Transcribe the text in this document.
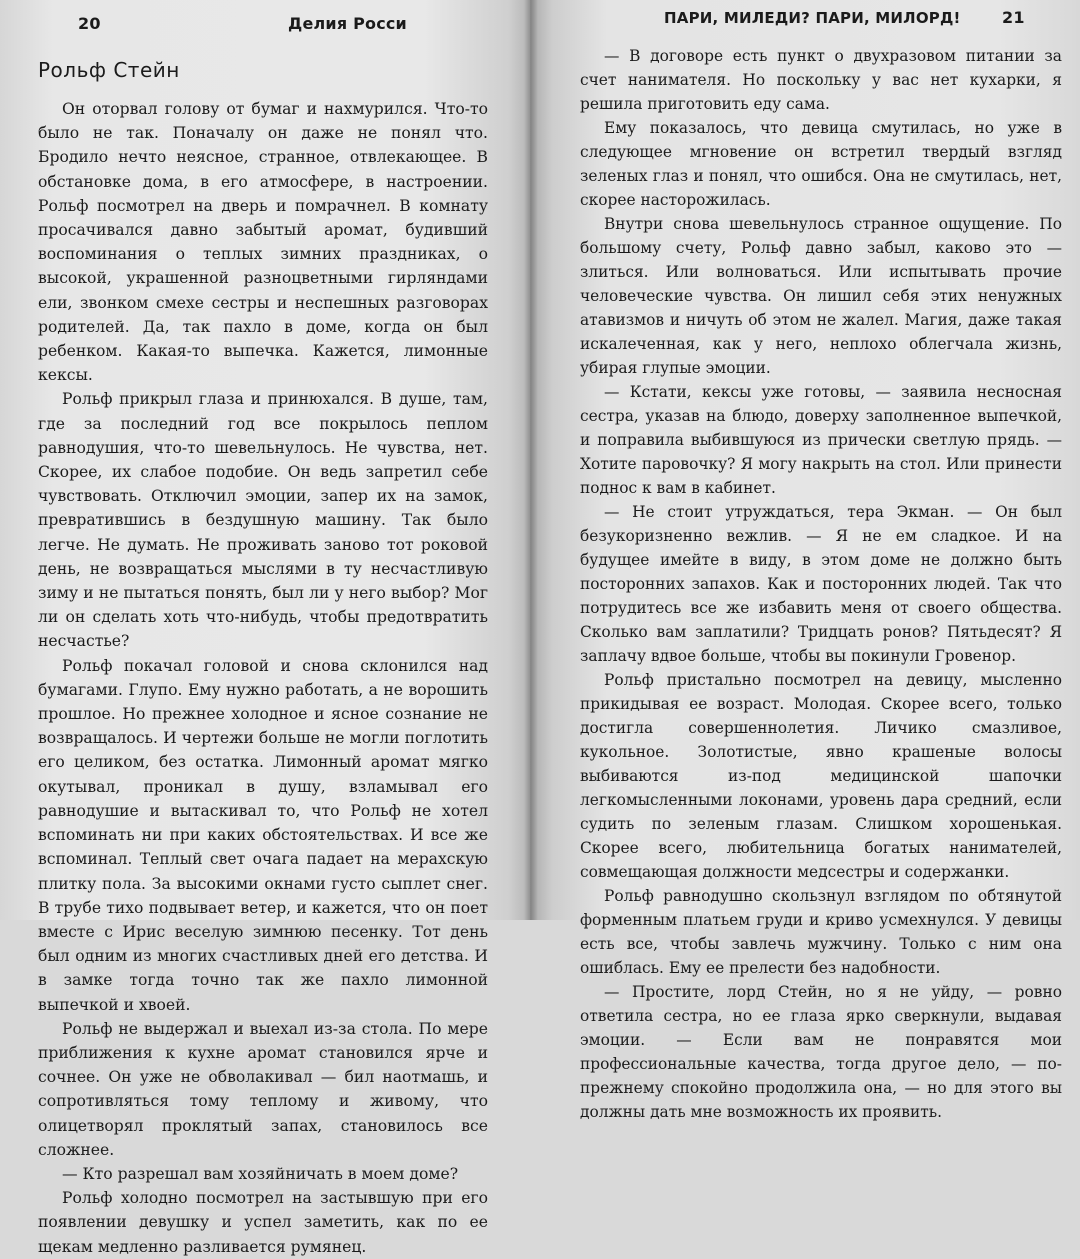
20	Делия Росси
Рольф Стейн

Он оторвал голову от бумаг и нахмурился. Что-то было не так. Поначалу он даже не понял что. Бродило нечто неясное, странное, отвлекающее. В обстановке дома, в его атмосфере, в настроении. Рольф посмотрел на дверь и помрачнел. В комнату просачивался давно забытый аромат, будивший воспоминания о теплых зимних праздниках, о высокой, украшенной разноцветными гирляндами ели, звонком смехе сестры и неспешных разговорах родителей. Да, так пахло в доме, когда он был ребенком. Какая-то выпечка. Кажется, лимонные кексы.

Рольф прикрыл глаза и принюхался. В душе, там, где за последний год все покрылось пеплом равнодушия, что-то шевельнулось. Не чувства, нет. Скорее, их слабое подобие. Он ведь запретил себе чувствовать. Отключил эмоции, запер их на замок, превратившись в бездушную машину. Так было легче. Не думать. Не проживать заново тот роковой день, не возвращаться мыслями в ту несчастливую зиму и не пытаться понять, был ли у него выбор? Мог ли он сделать хоть что-нибудь, чтобы предотвратить несчастье?

Рольф покачал головой и снова склонился над бумагами. Глупо. Ему нужно работать, а не ворошить прошлое. Но прежнее холодное и ясное сознание не возвращалось. И чертежи больше не могли поглотить его целиком, без остатка. Лимонный аромат мягко окутывал, проникал в душу, взламывал его равнодушие и вытаскивал то, что Рольф не хотел вспоминать ни при каких обстоятельствах. И все же вспоминал. Теплый свет очага падает на мерахскую плитку пола. За высокими окнами густо сыплет снег. В трубе тихо подвывает ветер, и кажется, что он поет вместе с Ирис веселую зимнюю песенку. Тот день был одним из многих счастливых дней его детства. И в замке тогда точно так же пахло лимонной выпечкой и хвоей.

Рольф не выдержал и выехал из-за стола. По мере приближения к кухне аромат становился ярче и сочнее. Он уже не обволакивал — бил наотмашь, и сопротивляться тому теплому и живому, что олицетворял проклятый запах, становилось все сложнее.

— Кто разрешал вам хозяйничать в моем доме?

Рольф холодно посмотрел на застывшую при его появлении девушку и успел заметить, как по ее щекам медленно разливается румянец.

ПАРИ, МИЛЕДИ? ПАРИ, МИЛОРД!	21

— В договоре есть пункт о двухразовом питании за счет нанимателя. Но поскольку у вас нет кухарки, я решила приготовить еду сама.

Ему показалось, что девица смутилась, но уже в следующее мгновение он встретил твердый взгляд зеленых глаз и понял, что ошибся. Она не смутилась, нет, скорее насторожилась.

Внутри снова шевельнулось странное ощущение. По большому счету, Рольф давно забыл, каково это — злиться. Или волноваться. Или испытывать прочие человеческие чувства. Он лишил себя этих ненужных атавизмов и ничуть об этом не жалел. Магия, даже такая искалеченная, как у него, неплохо облегчала жизнь, убирая глупые эмоции.

— Кстати, кексы уже готовы, — заявила несносная сестра, указав на блюдо, доверху заполненное выпечкой, и поправила выбившуюся из прически светлую прядь. — Хотите паровочку? Я могу накрыть на стол. Или принести поднос к вам в кабинет.

— Не стоит утруждаться, тера Экман. — Он был безукоризненно вежлив. — Я не ем сладкое. И на будущее имейте в виду, в этом доме не должно быть посторонних запахов. Как и посторонних людей. Так что потрудитесь все же избавить меня от своего общества. Сколько вам заплатили? Тридцать ронов? Пятьдесят? Я заплачу вдвое больше, чтобы вы покинули Гровенор.

Рольф пристально посмотрел на девицу, мысленно прикидывая ее возраст. Молодая. Скорее всего, только достигла совершеннолетия. Личико смазливое, кукольное. Золотистые, явно крашеные волосы выбиваются из-под медицинской шапочки легкомысленными локонами, уровень дара средний, если судить по зеленым глазам. Слишком хорошенькая. Скорее всего, любительница богатых нанимателей, совмещающая должности медсестры и содержанки.

Рольф равнодушно скользнул взглядом по обтянутой форменным платьем груди и криво усмехнулся. У девицы есть все, чтобы завлечь мужчину. Только с ним она ошиблась. Ему ее прелести без надобности.

— Простите, лорд Стейн, но я не уйду, — ровно ответила сестра, но ее глаза ярко сверкнули, выдавая эмоции. — Если вам не понравятся мои профессиональные качества, тогда другое дело, — по-прежнему спокойно продолжила она, — но для этого вы должны дать мне возможность их проявить.
